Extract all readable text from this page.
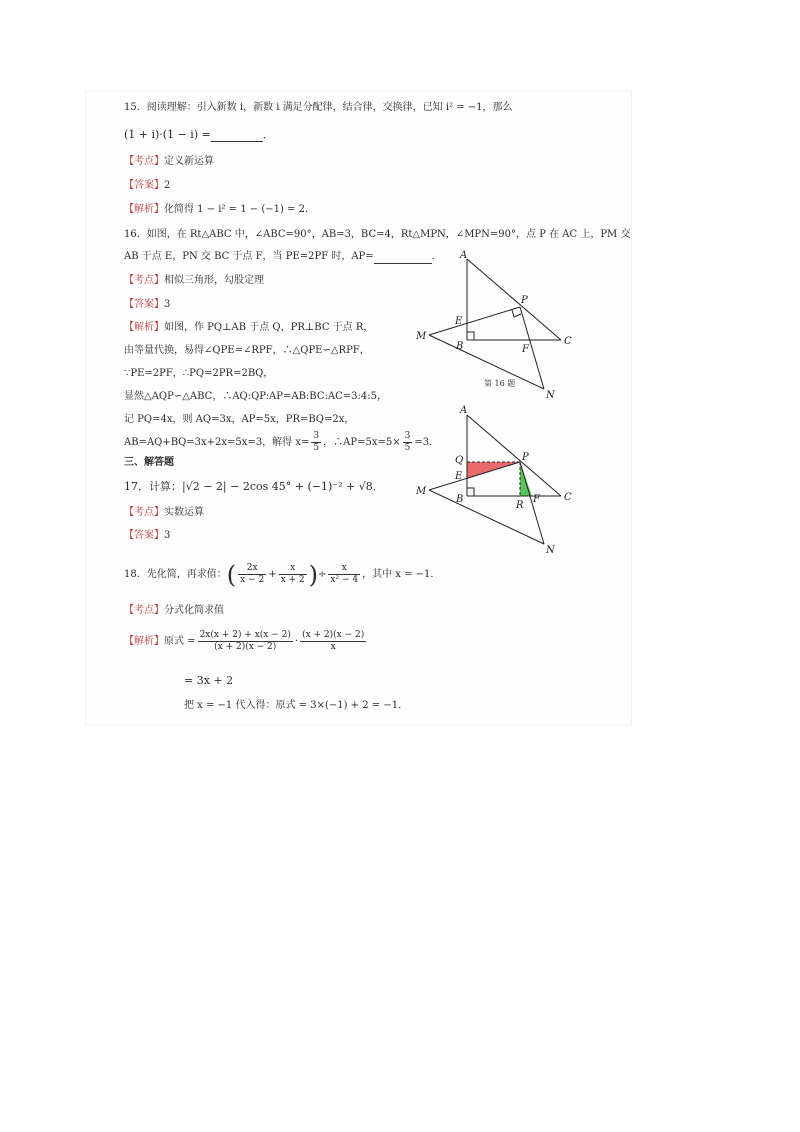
15．阅读理解：引入新数 i，新数 i 满足分配律，结合律，交换律，已知 i² = −1，那么
(1 + i)·(1 − i) =	．
【考点】定义新运算
【答案】2
【解析】化简得 1 − i² = 1 − (−1) = 2．
16．如图，在 Rt△ABC 中，∠ABC=90°，AB=3，BC=4，Rt△MPN，∠MPN=90°，点 P 在 AC 上，PM 交
AB 于点 E，PN 交 BC 于点 F，当 PE=2PF 时，AP=	．
【考点】相似三角形，勾股定理
【答案】3
【解析】如图，作 PQ⊥AB 于点 Q，PR⊥BC 于点 R，
由等量代换，易得∠QPE=∠RPF，∴△QPE∽△RPF，
∵PE=2PF，∴PQ=2PR=2BQ，
显然△AQP∽△ABC，∴AQ:QP:AP=AB:BC:AC=3:4:5，
记 PQ=4x，则 AQ=3x，AP=5x，PR=BQ=2x，
AB=AQ+BQ=3x+2x=5x=3，解得 $x= \frac{3}{5}$ ，∴AP=5x=5× $\frac{3}{5} =3$．
A
B	C
E
F
M
N
P
第 16 题
A
Q
E
B	C
P
R
F
M
N
三、解答题
17．计算：|√2 − 2| − 2cos 45° + (−1)⁻² + √8．
【考点】实数运算
【答案】3
18．先化简，再求值：( $\frac{2x}{x - 2} + \frac{x}{x + 2}$ )÷ $\frac{x}{\text{x² − 4}}$ ，其中 x = −1．
【考点】分式化简求值
【解析】原式 = $\frac{2x(x + 2) + x(x - 2)}{(x + 2)(x - 2)} \cdot \frac{(x + 2)(x - 2)}{x}$
= 3x + 2
把 x = −1 代入得：原式 = 3×(−1) + 2 = −1．
